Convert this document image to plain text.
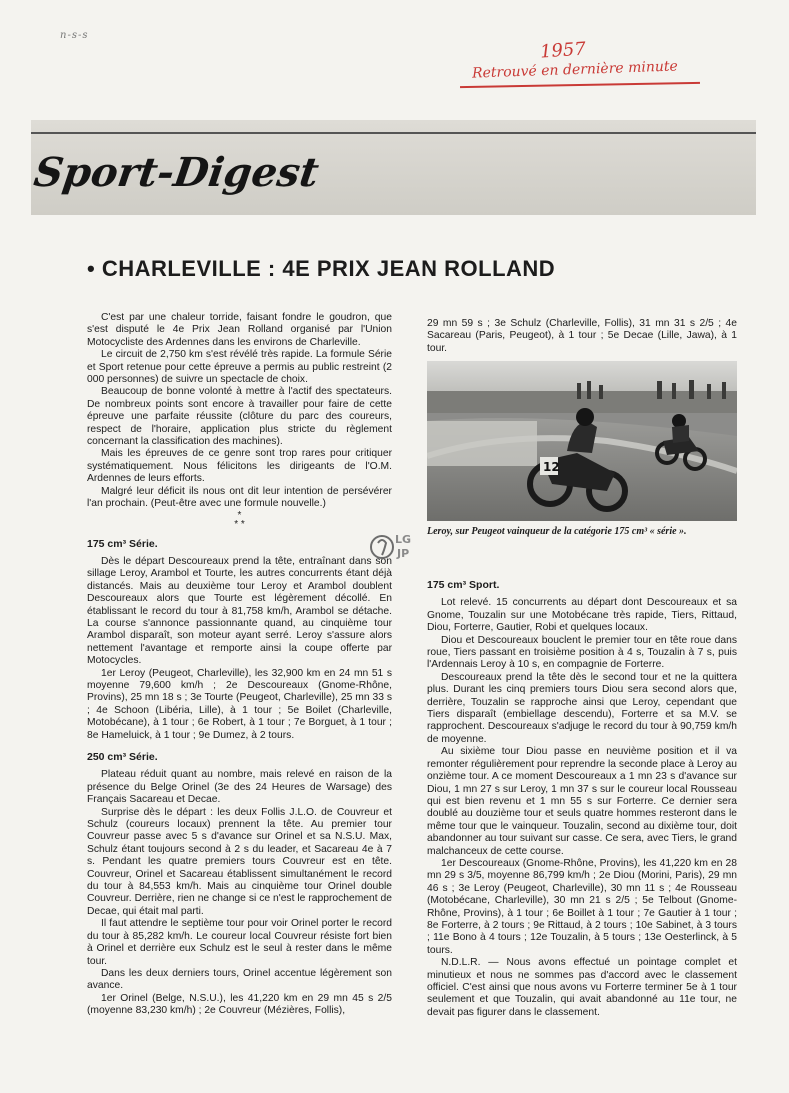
n-s-s
1957
Retrouvé en dernière minute
Sport-Digest
• CHARLEVILLE : 4E PRIX JEAN ROLLAND

C'est par une chaleur torride, faisant fondre le goudron, que s'est disputé le 4e Prix Jean Rolland organisé par l'Union Motocycliste des Ardennes dans les environs de Charleville.

Le circuit de 2,750 km s'est révélé très rapide. La formule Série et Sport retenue pour cette épreuve a permis au public restreint (2 000 personnes) de suivre un spectacle de choix.

Beaucoup de bonne volonté à mettre à l'actif des spectateurs. De nombreux points sont encore à travailler pour faire de cette épreuve une parfaite réussite (clôture du parc des coureurs, respect de l'horaire, application plus stricte du règlement concernant la classification des machines).

Mais les épreuves de ce genre sont trop rares pour critiquer systématiquement. Nous félicitons les dirigeants de l'O.M. Ardennes de leurs efforts.

Malgré leur déficit ils nous ont dit leur intention de persévérer l'an prochain. (Peut-être avec une formule nouvelle.)

*
* *
175 cm³ Série.

Dès le départ Descoureaux prend la tête, entraînant dans son sillage Leroy, Arambol et Tourte, les autres concurrents étant déjà distancés. Mais au deuxième tour Leroy et Arambol doublent Descoureaux alors que Tourte est légèrement décollé. En établissant le record du tour à 81,758 km/h, Arambol se détache. La course s'annonce passionnante quand, au cinquième tour Arambol disparaît, son moteur ayant serré. Leroy s'assure alors nettement l'avantage et remporte ainsi la coupe offerte par Motocycles.

1er Leroy (Peugeot, Charleville), les 32,900 km en 24 mn 51 s moyenne 79,600 km/h ; 2e Descoureaux (Gnome-Rhône, Provins), 25 mn 18 s ; 3e Tourte (Peugeot, Charleville), 25 mn 33 s ; 4e Schoon (Libéria, Lille), à 1 tour ; 5e Boilet (Charleville, Motobécane), à 1 tour ; 6e Robert, à 1 tour ; 7e Borguet, à 1 tour ; 8e Hameluick, à 1 tour ; 9e Dumez, à 2 tours.

250 cm³ Série.

Plateau réduit quant au nombre, mais relevé en raison de la présence du Belge Orinel (3e des 24 Heures de Warsage) des Français Sacareau et Decae.

Surprise dès le départ : les deux Follis J.L.O. de Couvreur et Schulz (coureurs locaux) prennent la tête. Au premier tour Couvreur passe avec 5 s d'avance sur Orinel et sa N.S.U. Max, Schulz étant toujours second à 2 s du leader, et Sacareau 4e à 7 s. Pendant les quatre premiers tours Couvreur est en tête. Couvreur, Orinel et Sacareau établissent simultanément le record du tour à 84,553 km/h. Mais au cinquième tour Orinel double Couvreur. Derrière, rien ne change si ce n'est le rapprochement de Decae, qui était mal parti.

Il faut attendre le septième tour pour voir Orinel porter le record du tour à 85,282 km/h. Le coureur local Couvreur résiste fort bien à Orinel et derrière eux Schulz est le seul à rester dans le même tour.

Dans les deux derniers tours, Orinel accentue légèrement son avance.

1er Orinel (Belge, N.S.U.), les 41,220 km en 29 mn 45 s 2/5 (moyenne 83,230 km/h) ; 2e Couvreur (Mézières, Follis),

29 mn 59 s ; 3e Schulz (Charleville, Follis), 31 mn 31 s 2/5 ; 4e Sacareau (Paris, Peugeot), à 1 tour ; 5e Decae (Lille, Jawa), à 1 tour.

12
Leroy, sur Peugeot vainqueur de la catégorie 175 cm³ « série ».
LG
JP
175 cm³ Sport.

Lot relevé. 15 concurrents au départ dont Descoureaux et sa Gnome, Touzalin sur une Motobécane très rapide, Tiers, Rittaud, Diou, Forterre, Gautier, Robi et quelques locaux.

Diou et Descoureaux bouclent le premier tour en tête roue dans roue, Tiers passant en troisième position à 4 s, Touzalin à 7 s, puis l'Ardennais Leroy à 10 s, en compagnie de Forterre.

Descoureaux prend la tête dès le second tour et ne la quittera plus. Durant les cinq premiers tours Diou sera second alors que, derrière, Touzalin se rapproche ainsi que Leroy, cependant que Tiers disparaît (embiellage descendu), Forterre et sa M.V. se rapprochent. Descoureaux s'adjuge le record du tour à 90,759 km/h de moyenne.

Au sixième tour Diou passe en neuvième position et il va remonter régulièrement pour reprendre la seconde place à Leroy au onzième tour. A ce moment Descoureaux a 1 mn 23 s d'avance sur Diou, 1 mn 27 s sur Leroy, 1 mn 37 s sur le coureur local Rousseau qui est bien revenu et 1 mn 55 s sur Forterre. Ce dernier sera doublé au douzième tour et seuls quatre hommes resteront dans le même tour que le vainqueur. Touzalin, second au dixième tour, doit abandonner au tour suivant sur casse. Ce sera, avec Tiers, le grand malchanceux de cette course.

1er Descoureaux (Gnome-Rhône, Provins), les 41,220 km en 28 mn 29 s 3/5, moyenne 86,799 km/h ; 2e Diou (Morini, Paris), 29 mn 46 s ; 3e Leroy (Peugeot, Charleville), 30 mn 11 s ; 4e Rousseau (Motobécane, Charleville), 30 mn 21 s 2/5 ; 5e Telbout (Gnome-Rhône, Provins), à 1 tour ; 6e Boillet à 1 tour ; 7e Gautier à 1 tour ; 8e Forterre, à 2 tours ; 9e Rittaud, à 2 tours ; 10e Sabinet, à 3 tours ; 11e Bono à 4 tours ; 12e Touzalin, à 5 tours ; 13e Oesterlinck, à 5 tours.

N.D.L.R. — Nous avons effectué un pointage complet et minutieux et nous ne sommes pas d'accord avec le classement officiel. C'est ainsi que nous avons vu Forterre terminer 5e à 1 tour seulement et que Touzalin, qui avait abandonné au 11e tour, ne devait pas figurer dans le classement.
